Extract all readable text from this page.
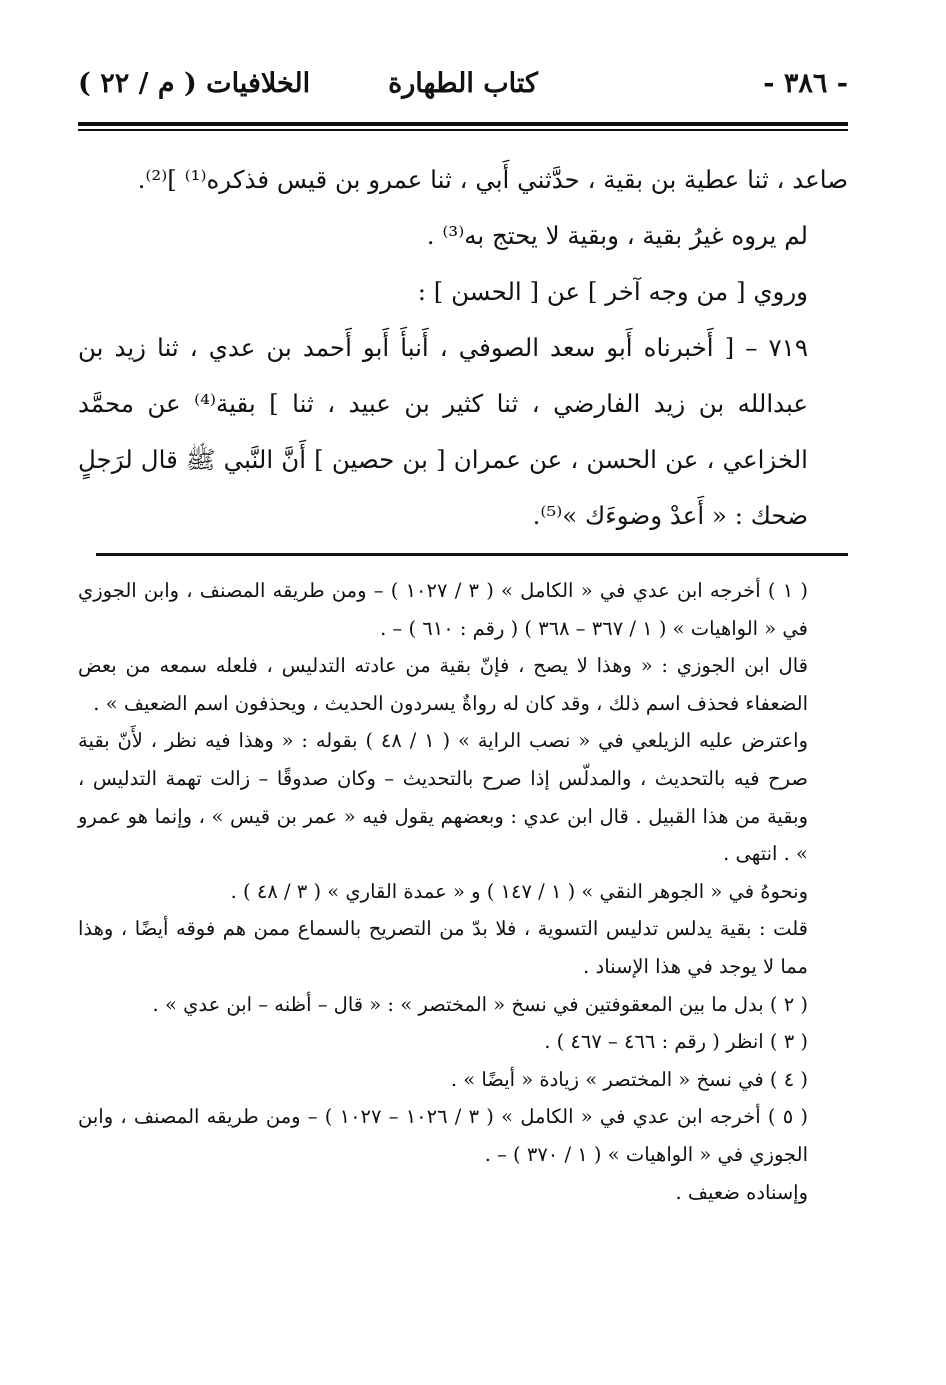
- ٣٨٦ -
كتاب الطهارة
الخلافيات ( م / ٢٢ )

صاعد ، ثنا عطية بن بقية ، حدَّثني أَبي ، ثنا عمرو بن قيس فذكره⁽¹⁾ ]⁽²⁾.

لم يروه غيرُ بقية ، وبقية لا يحتج به⁽³⁾ .

وروي [ من وجه آخر ] عن [ الحسن ] :

٧١٩ – [ أَخبرناه أَبو سعد الصوفي ، أَنبأَ أَبو أَحمد بن عدي ، ثنا زيد بن عبدالله بن زيد الفارضي ، ثنا كثير بن عبيد ، ثنا ] بقية⁽⁴⁾ عن محمَّد الخزاعي ، عن الحسن ، عن عمران [ بن حصين ] أَنَّ النَّبي ﷺ قال لرَجلٍ ضحك : « أَعدْ وضوءَك »⁽⁵⁾.

( ١ ) أخرجه ابن عدي في « الكامل » ( ٣ / ١٠٢٧ ) – ومن طريقه المصنف ، وابن الجوزي في « الواهيات » ( ١ / ٣٦٧ – ٣٦٨ ) ( رقم : ٦١٠ ) – .

قال ابن الجوزي : « وهذا لا يصح ، فإنّ بقية من عادته التدليس ، فلعله سمعه من بعض الضعفاء فحذف اسم ذلك ، وقد كان له رواةٌ يسردون الحديث ، ويحذفون اسم الضعيف » .

واعترض عليه الزيلعي في « نصب الراية » ( ١ / ٤٨ ) بقوله : « وهذا فيه نظر ، لأَنّ بقية صرح فيه بالتحديث ، والمدلّس إذا صرح بالتحديث – وكان صدوقًا – زالت تهمة التدليس ، وبقية من هذا القبيل . قال ابن عدي : وبعضهم يقول فيه « عمر بن قيس » ، وإنما هو عمرو » . انتهى .

ونحوهُ في « الجوهر النقي » ( ١ / ١٤٧ ) و « عمدة القاري » ( ٣ / ٤٨ ) .

قلت : بقية يدلس تدليس التسوية ، فلا بدّ من التصريح بالسماع ممن هم فوقه أيضًا ، وهذا مما لا يوجد في هذا الإسناد .

( ٢ ) بدل ما بين المعقوفتين في نسخ « المختصر » : « قال – أظنه – ابن عدي » .

( ٣ ) انظر ( رقم : ٤٦٦ – ٤٦٧ ) .

( ٤ ) في نسخ « المختصر » زيادة « أيضًا » .

( ٥ ) أخرجه ابن عدي في « الكامل » ( ٣ / ١٠٢٦ – ١٠٢٧ ) – ومن طريقه المصنف ، وابن الجوزي في « الواهيات » ( ١ / ٣٧٠ ) – .

وإسناده ضعيف .
